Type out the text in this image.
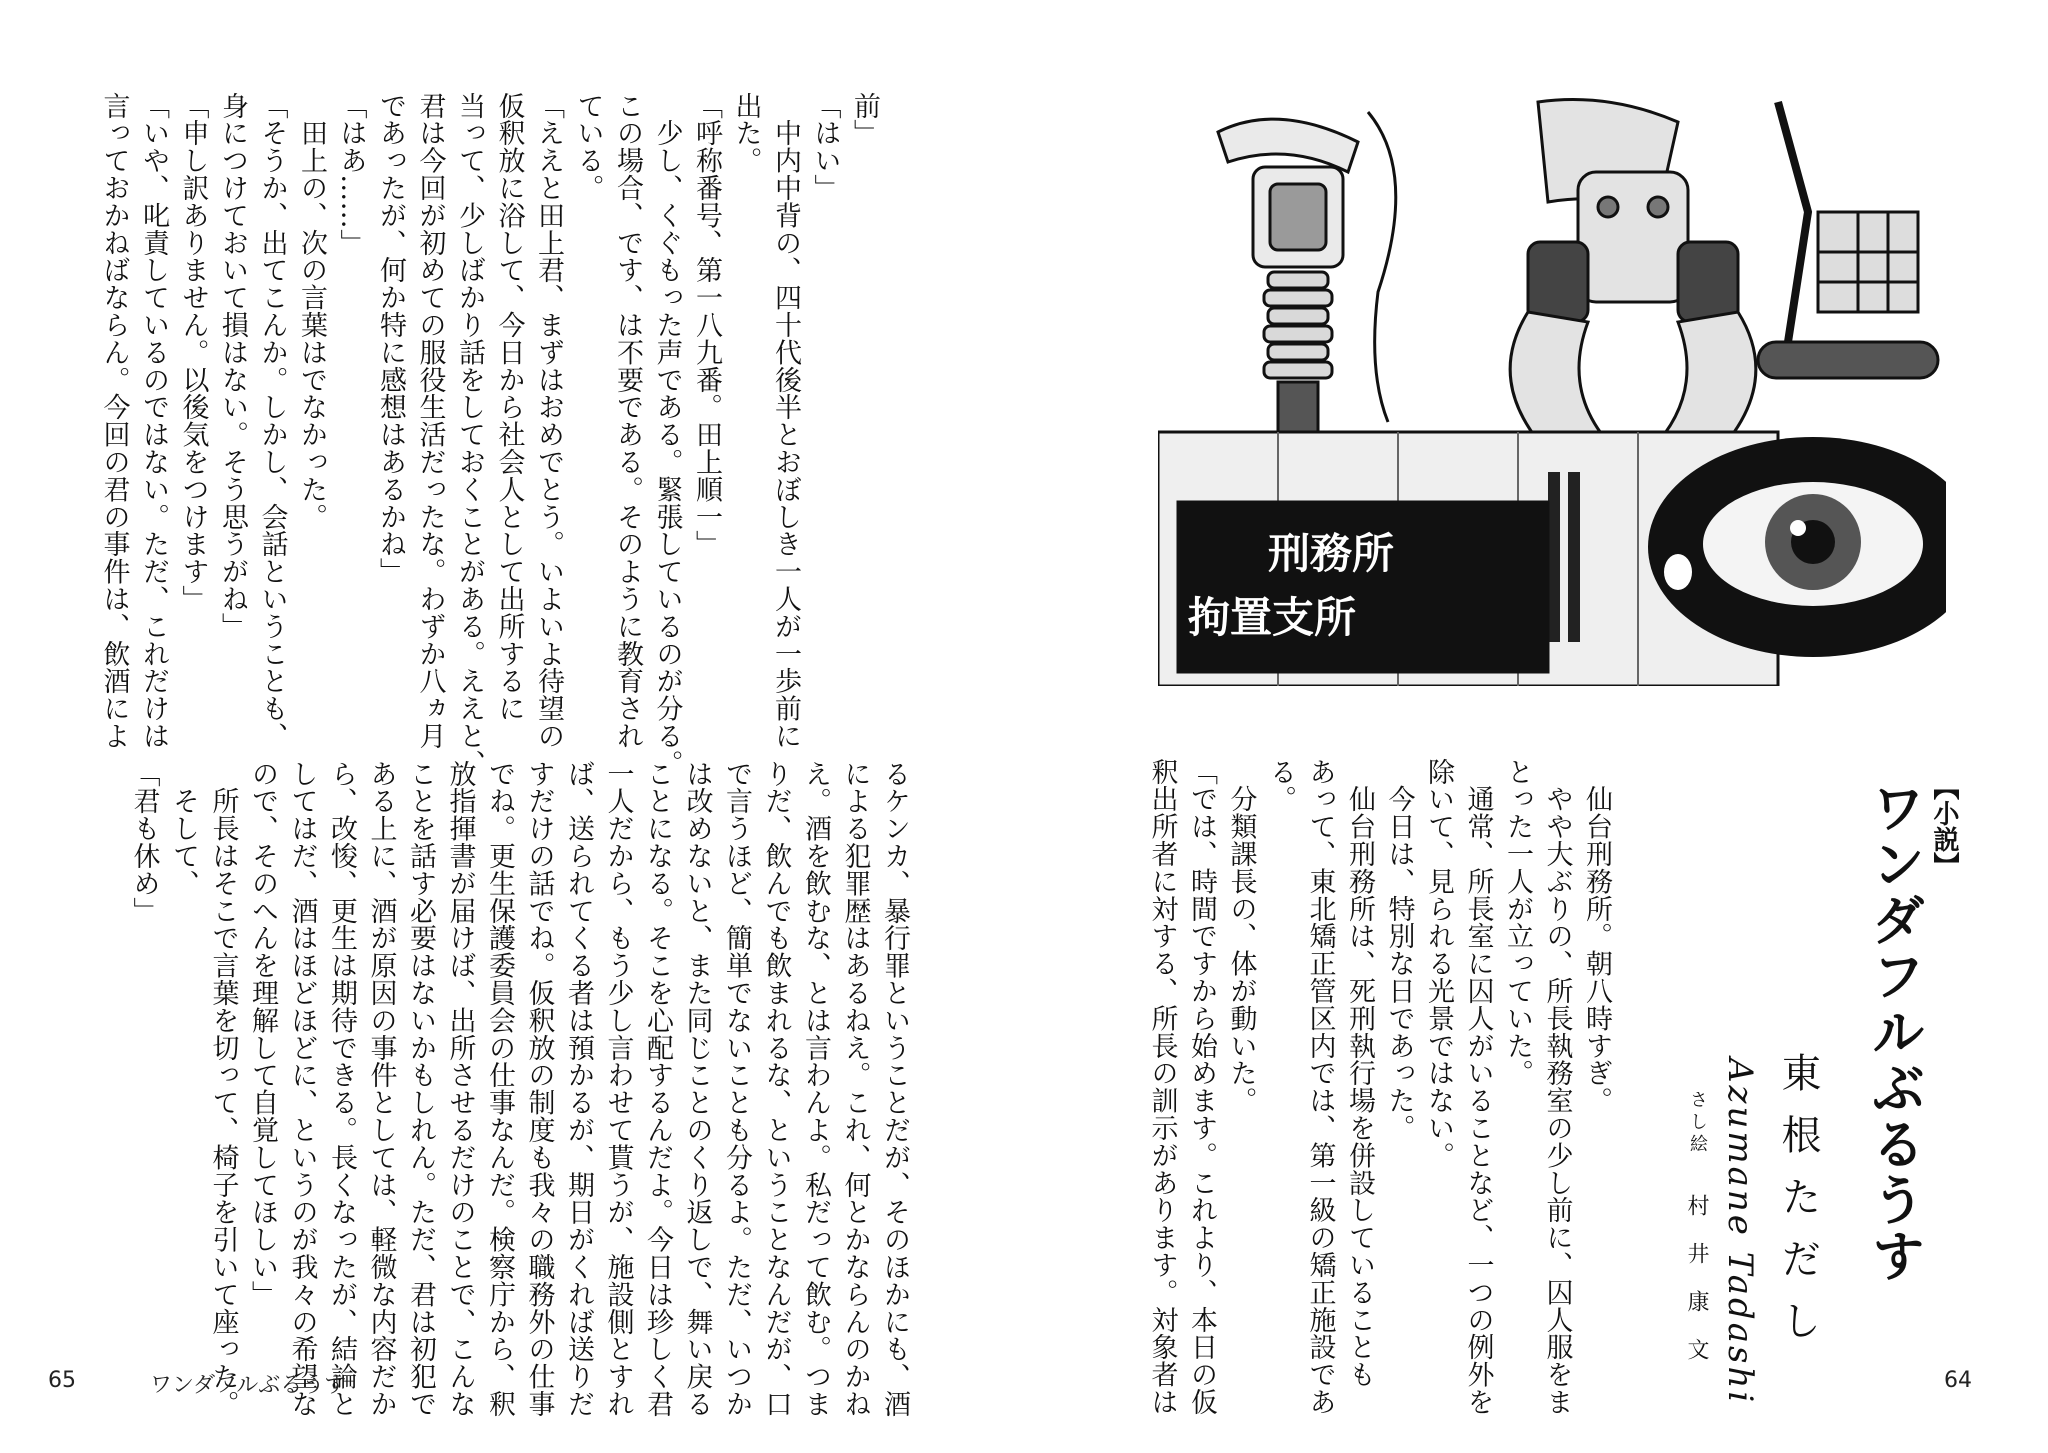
前」

「はい」

　中内中背の、四十代後半とおぼしき一人が一歩前に

出た。

「呼称番号、第一八九番。田上順一」

　少し、くぐもった声である。緊張しているのが分る。

この場合、です、は不要である。そのように教育され

ている。

「ええと田上君、まずはおめでとう。いよいよ待望の

仮釈放に浴して、今日から社会人として出所するに

当って、少しばかり話をしておくことがある。ええと、

君は今回が初めての服役生活だったな。わずか八ヵ月

であったが、何か特に感想はあるかね」

「はあ……」

　田上の、次の言葉はでなかった。

「そうか、出てこんか。しかし、会話ということも、

身につけておいて損はない。そう思うがね」

「申し訳ありません。以後気をつけます」

「いや、叱責しているのではない。ただ、これだけは

言っておかねばならん。今回の君の事件は、飲酒によ

るケンカ、暴行罪ということだが、そのほかにも、酒

による犯罪歴はあるねえ。これ、何とかならんのかね

え。酒を飲むな、とは言わんよ。私だって飲む。つま

りだ、飲んでも飲まれるな、ということなんだが、口

で言うほど、簡単でないことも分るよ。ただ、いつか

は改めないと、また同じことのくり返しで、舞い戻る

ことになる。そこを心配するんだよ。今日は珍しく君

一人だから、もう少し言わせて貰うが、施設側とすれ

ば、送られてくる者は預かるが、期日がくれば送りだ

すだけの話でね。仮釈放の制度も我々の職務外の仕事

でね。更生保護委員会の仕事なんだ。検察庁から、釈

放指揮書が届けば、出所させるだけのことで、こんな

ことを話す必要はないかもしれん。ただ、君は初犯で

ある上に、酒が原因の事件としては、軽微な内容だか

ら、改悛、更生は期待できる。長くなったが、結論と

してはだ、酒はほどほどに、というのが我々の希望な

ので、そのへんを理解して自覚してほしい」

　所長はそこで言葉を切って、椅子を引いて座った。

　そして、

「君も休め」

65	ワンダフルぶるうす	64
【小説】
ワンダフルぶるうす
東根ただし
Azumane Tadashi
さし絵
村井康文

　仙台刑務所。朝八時すぎ。

　やや大ぶりの、所長執務室の少し前に、囚人服をま

とった一人が立っていた。

　通常、所長室に囚人がいることなど、一つの例外を

除いて、見られる光景ではない。

　今日は、特別な日であった。

　仙台刑務所は、死刑執行場を併設していることも

あって、東北矯正管区内では、第一級の矯正施設であ

る。

　分類課長の、体が動いた。

「では、時間ですから始めます。これより、本日の仮

釈出所者に対する、所長の訓示があります。対象者は

刑務所
拘置支所
